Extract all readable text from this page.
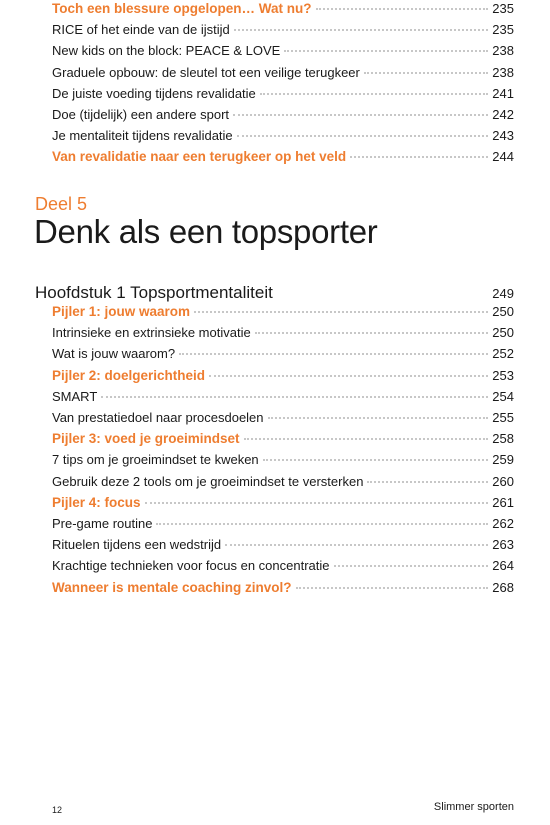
Toch een blessure opgelopen… Wat nu?	235
RICE of het einde van de ijstijd	235
New kids on the block: PEACE & LOVE	238
Graduele opbouw: de sleutel tot een veilige terugkeer	238
De juiste voeding tijdens revalidatie	241
Doe (tijdelijk) een andere sport	242
Je mentaliteit tijdens revalidatie	243
Van revalidatie naar een terugkeer op het veld	244
Deel 5
Denk als een topsporter
Hoofdstuk 1 Topsportmentaliteit	249
Pijler 1: jouw waarom	250
Intrinsieke en extrinsieke motivatie	250
Wat is jouw waarom?	252
Pijler 2: doelgerichtheid	253
SMART	254
Van prestatiedoel naar procesdoelen	255
Pijler 3: voed je groeimindset	258
7 tips om je groeimindset te kweken	259
Gebruik deze 2 tools om je groeimindset te versterken	260
Pijler 4: focus	261
Pre-game routine	262
Rituelen tijdens een wedstrijd	263
Krachtige technieken voor focus en concentratie	264
Wanneer is mentale coaching zinvol?	268
12	Slimmer sporten
